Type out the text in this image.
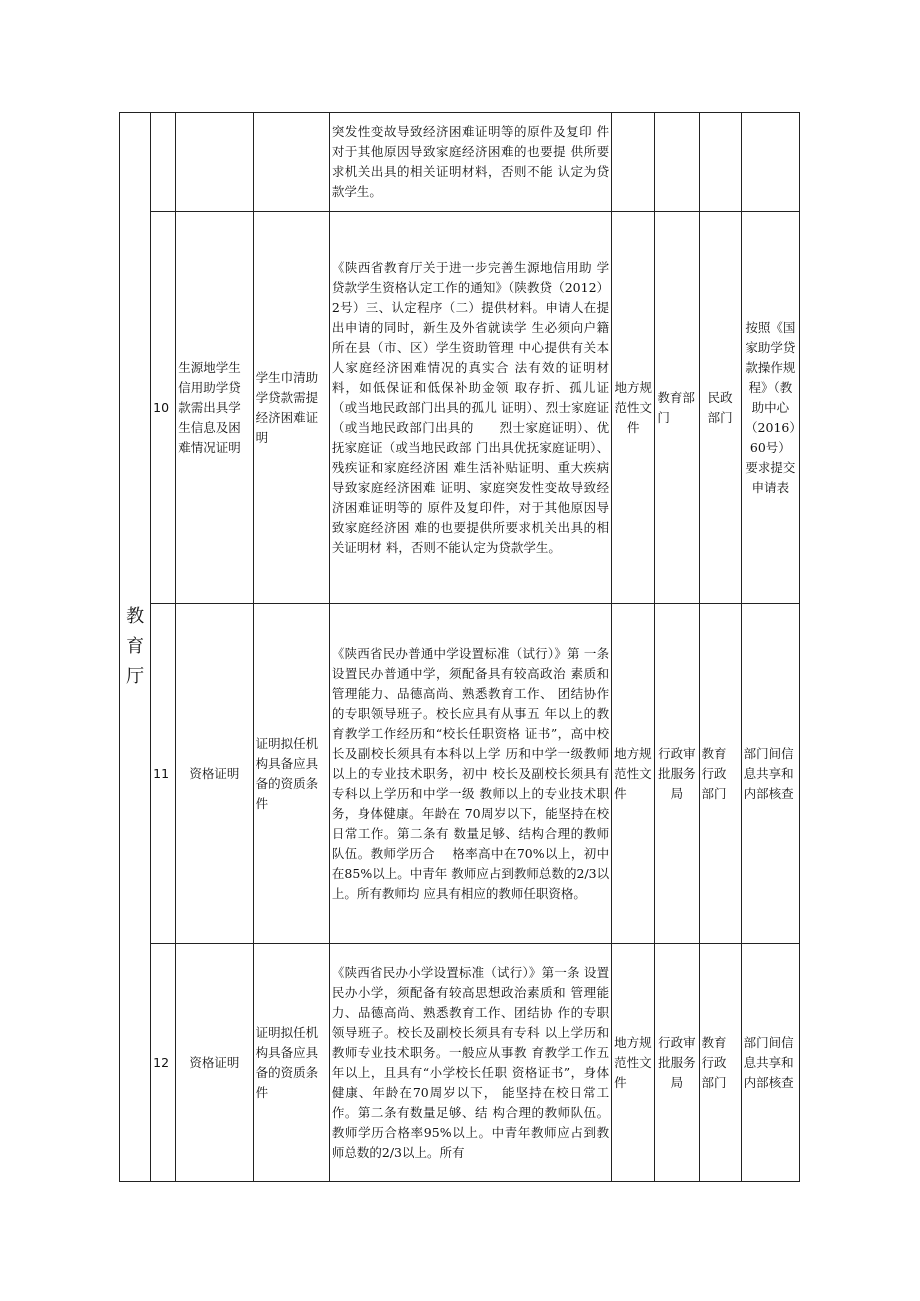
教
育
厅				突发性变故导致经济困难证明等的原件及复印 件对于其他原因导致家庭经济困难的也要提 供所要求机关出具的相关证明材料，否则不能 认定为贷款学生。				
	10	生源地学生信用助学贷款需出具学生信息及困难情况证明	学生巾清助学贷款需提经济困难证明	《陕西省教育厅关于进一步完善生源地信用助 学贷款学生资格认定工作的通知》（陕教贷（2012） 2号）三、认定程序（二）提供材料。申请人在提出申请的同时，新生及外省就读学 生必须向户籍所在县（市、区）学生资助管理 中心提供有关本人家庭经济困难情况的真实合 法有效的证明材料，如低保证和低保补助金领 取存折、孤儿证（或当地民政部门出具的孤儿 证明）、烈士家庭证（或当地民政部门出具的　　烈士家庭证明）、优抚家庭证（或当地民政部 门出具优抚家庭证明）、残疾证和家庭经济困 难生活补贴证明、重大疾病导致家庭经济困难 证明、家庭突发性变故导致经济困难证明等的 原件及复印件，对于其他原因导致家庭经济困 难的也要提供所要求机关出具的相关证明材 料，否则不能认定为贷款学生。	地方规范性文件	教育部门	民政部门	按照《国家助学贷款操作规程》（教助中心（2016）60号）要求提交申请表
	11	资格证明	证明拟任机构具备应具备的资质条件	《陕西省民办普通中学设置标准（试行）》第 一条设置民办普通中学，须配备具有较高政治 素质和管理能力、品德高尚、熟悉教育工作、 团结协作的专职领导班子。校长应具有从事五 年以上的教育教学工作经历和“校长任职资格 证书”，高中校长及副校长须具有本科以上学 历和中学一级教师以上的专业技术职务，初中 校长及副校长须具有专科以上学历和中学一级 教师以上的专业技术职务，身体健康。年龄在 70周岁以下，能坚持在校日常工作。第二条有 数量足够、结构合理的教师队伍。教师学历合 　格率高中在70%以上，初中在85%以上。中青年 教师应占到教师总数的2/3以上。所有教师均 应具有相应的教师任职资格。	地方规范性文件	行政审批服务局	教育行政部门	部门间信息共享和内部核查
	12	资格证明	证明拟任机构具备应具备的资质条件	《陕西省民办小学设置标准（试行）》第一条 设置民办小学，须配备有较高思想政治素质和 管理能力、品德高尚、熟悉教育工作、团结协 作的专职领导班子。校长及副校长须具有专科 以上学历和教师专业技术职务。一般应从事教 育教学工作五年以上，且具有“小学校长任职 资格证书”，身体健康、年龄在70周岁以下， 能坚持在校日常工作。第二条有数量足够、结 构合理的教师队伍。教师学历合格率95%以上。中青年教师应占到教师总数的2/3以上。所有	地方规范性文件	行政审批服务局	教育行政部门	部门间信息共享和内部核查
